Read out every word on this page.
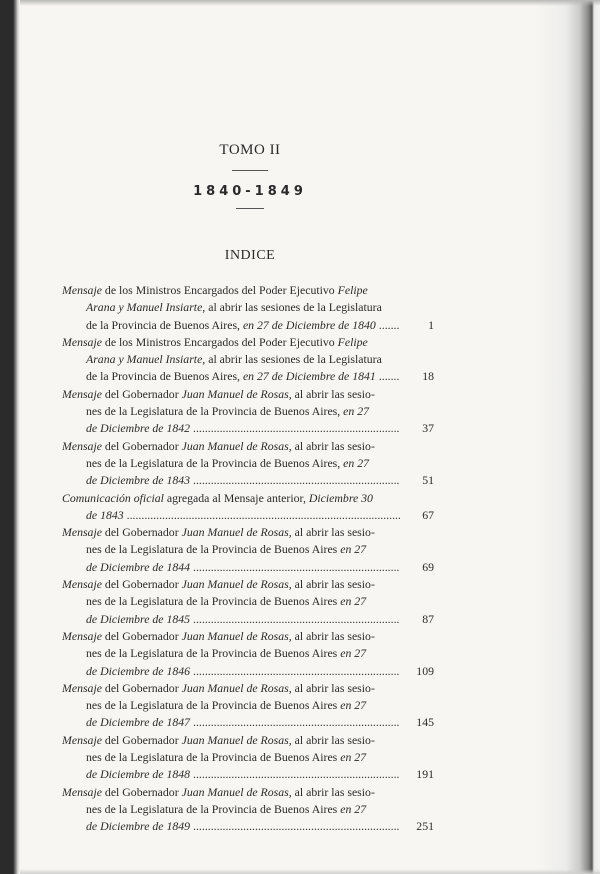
TOMO II
1840-1849
INDICE
Mensaje de los Ministros Encargados del Poder Ejecutivo Felipe
Arana y Manuel Insiarte, al abrir las sesiones de la Legislatura
de la Provincia de Buenos Aires, en 27 de Diciembre de 1840 .....	1
Mensaje de los Ministros Encargados del Poder Ejecutivo Felipe
Arana y Manuel Insiarte, al abrir las sesiones de la Legislatura
de la Provincia de Buenos Aires, en 27 de Diciembre de 1841 .....	18
Mensaje del Gobernador Juan Manuel de Rosas, al abrir las sesio-
nes de la Legislatura de la Provincia de Buenos Aires, en 27
de Diciembre de 1842 .....	37
Mensaje del Gobernador Juan Manuel de Rosas, al abrir las sesio-
nes de la Legislatura de la Provincia de Buenos Aires, en 27
de Diciembre de 1843 .....	51
Comunicación oficial agregada al Mensaje anterior, Diciembre 30
de 1843 .....	67
Mensaje del Gobernador Juan Manuel de Rosas, al abrir las sesio-
nes de la Legislatura de la Provincia de Buenos Aires en 27
de Diciembre de 1844 .....	69
Mensaje del Gobernador Juan Manuel de Rosas, al abrir las sesio-
nes de la Legislatura de la Provincia de Buenos Aires en 27
de Diciembre de 1845 .....	87
Mensaje del Gobernador Juan Manuel de Rosas, al abrir las sesio-
nes de la Legislatura de la Provincia de Buenos Aires en 27
de Diciembre de 1846 .....	109
Mensaje del Gobernador Juan Manuel de Rosas, al abrir las sesio-
nes de la Legislatura de la Provincia de Buenos Aires en 27
de Diciembre de 1847 .....	145
Mensaje del Gobernador Juan Manuel de Rosas, al abrir las sesio-
nes de la Legislatura de la Provincia de Buenos Aires en 27
de Diciembre de 1848 .....	191
Mensaje del Gobernador Juan Manuel de Rosas, al abrir las sesio-
nes de la Legislatura de la Provincia de Buenos Aires en 27
de Diciembre de 1849 .....	251
